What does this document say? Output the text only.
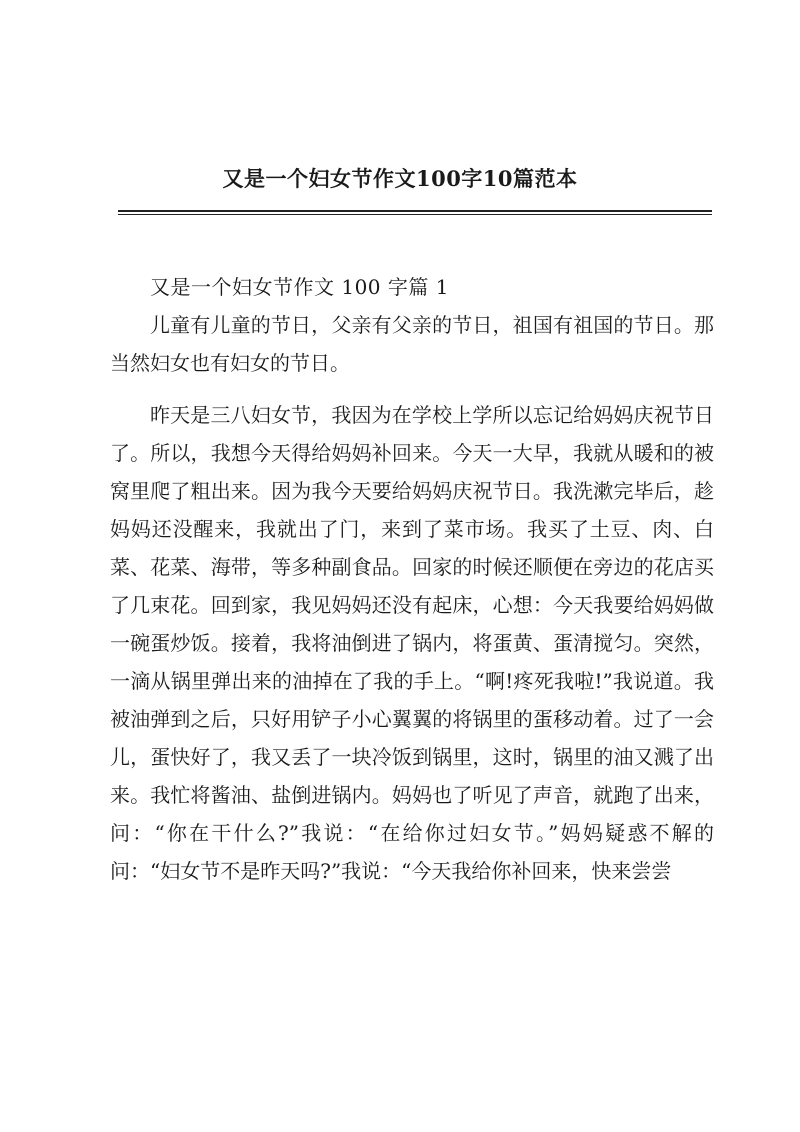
又是一个妇女节作文100字10篇范本

又是一个妇女节作文 100 字篇 1

儿童有儿童的节日，父亲有父亲的节日，祖国有祖国的节日。那当然妇女也有妇女的节日。

昨天是三八妇女节，我因为在学校上学所以忘记给妈妈庆祝节日了。所以，我想今天得给妈妈补回来。今天一大早，我就从暖和的被窝里爬了粗出来。因为我今天要给妈妈庆祝节日。我洗漱完毕后，趁妈妈还没醒来，我就出了门，来到了菜市场。我买了土豆、肉、白菜、花菜、海带，等多种副食品。回家的时候还顺便在旁边的花店买了几束花。回到家，我见妈妈还没有起床，心想：今天我要给妈妈做一碗蛋炒饭。接着，我将油倒进了锅内，将蛋黄、蛋清搅匀。突然，一滴从锅里弹出来的油掉在了我的手上。“啊!疼死我啦!”我说道。我被油弹到之后，只好用铲子小心翼翼的将锅里的蛋移动着。过了一会儿，蛋快好了，我又丢了一块冷饭到锅里，这时，锅里的油又溅了出来。我忙将酱油、盐倒进锅内。妈妈也了听见了声音，就跑了出来，问：“你在干什么?”我说：“在给你过妇女节。”妈妈疑惑不解的问：“妇女节不是昨天吗?”我说：“今天我给你补回来，快来尝尝
